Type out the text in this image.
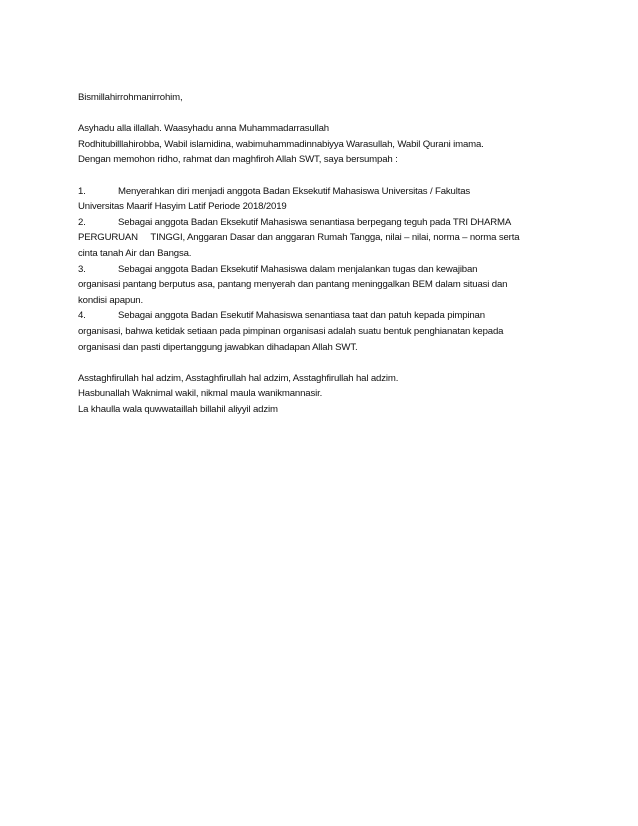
Bismillahirrohmanirrohim,
Asyhadu alla illallah. Waasyhadu anna Muhammadarrasullah
Rodhitubilllahirobba, Wabil islamidina, wabimuhammadinnabiyya Warasullah, Wabil Qurani imama.
Dengan memohon ridho, rahmat dan maghfiroh Allah SWT, saya bersumpah :
1.	Menyerahkan diri menjadi anggota Badan Eksekutif Mahasiswa Universitas / Fakultas
Universitas Maarif Hasyim Latif Periode 2018/2019
2.	Sebagai anggota Badan Eksekutif Mahasiswa senantiasa berpegang teguh pada TRI DHARMA
PERGURUAN     TINGGI, Anggaran Dasar dan anggaran Rumah Tangga, nilai – nilai, norma – norma serta
cinta tanah Air dan Bangsa.
3.	Sebagai anggota Badan Eksekutif Mahasiswa dalam menjalankan tugas dan kewajiban
organisasi pantang berputus asa, pantang menyerah dan pantang meninggalkan BEM dalam situasi dan
kondisi apapun.
4.	Sebagai anggota Badan Esekutif Mahasiswa senantiasa taat dan patuh kepada pimpinan
organisasi, bahwa ketidak setiaan pada pimpinan organisasi adalah suatu bentuk penghianatan kepada
organisasi dan pasti dipertanggung jawabkan dihadapan Allah SWT.
Asstaghfirullah hal adzim, Asstaghfirullah hal adzim, Asstaghfirullah hal adzim.
Hasbunallah Waknimal wakil, nikmal maula wanikmannasir.
La khaulla wala quwwataillah billahil aliyyil adzim
